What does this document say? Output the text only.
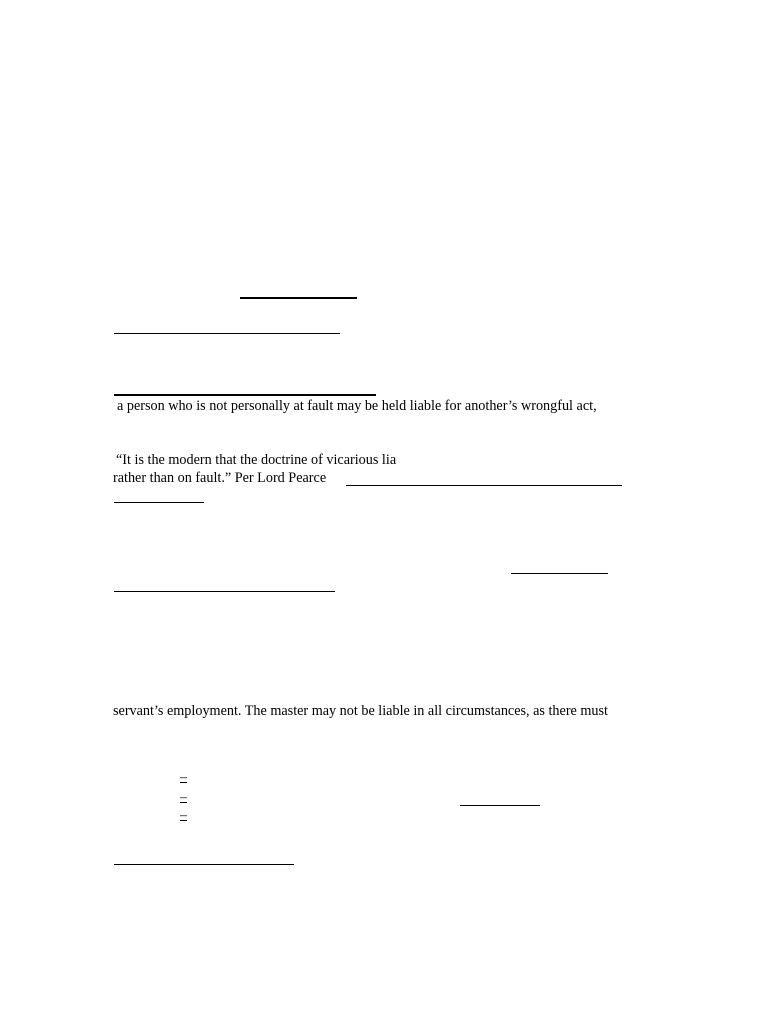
a person who is not personally at fault may be held liable for another’s wrongful act,
“It is the modern that the doctrine of vicarious lia
rather than on fault.” Per Lord Pearce
servant’s employment. The master may not be liable in all circumstances, as there must
–
–
–
